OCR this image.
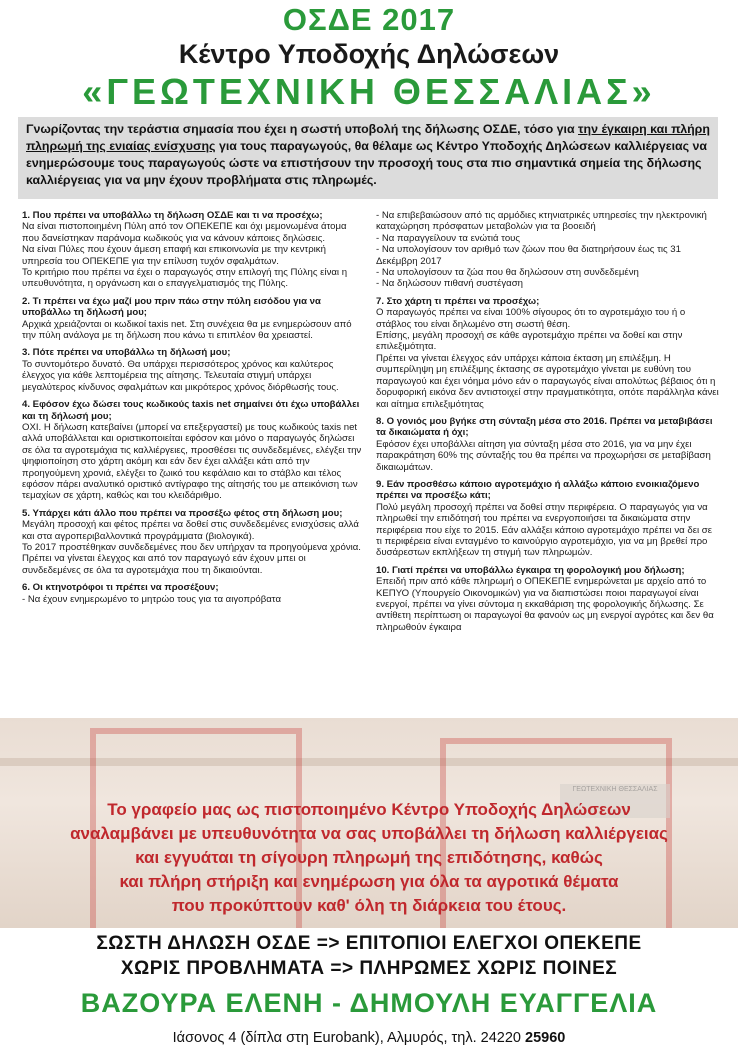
ΟΣΔΕ 2017
Κέντρο Υποδοχής Δηλώσεων
«ΓΕΩΤΕΧΝΙΚΗ ΘΕΣΣΑΛΙΑΣ»
Γνωρίζοντας την τεράστια σημασία που έχει η σωστή υποβολή της δήλωσης ΟΣΔΕ, τόσο για την έγκαιρη και πλήρη πληρωμή της ενιαίας ενίσχυσης για τους παραγωγούς, θα θέλαμε ως Κέντρο Υποδοχής Δηλώσεων καλλιέργειας να ενημερώσουμε τους παραγωγούς ώστε να επιστήσουν την προσοχή τους στα πιο σημαντικά σημεία της δήλωσης καλλιέργειας για να μην έχουν προβλήματα στις πληρωμές.
1. Που πρέπει να υποβάλλω τη δήλωση ΟΣΔΕ και τι να προσέχω;

Να είναι πιστοποιημένη Πύλη από τον ΟΠΕΚΕΠΕ και όχι μεμονωμένα άτομα που δανείστηκαν παράνομα κωδικούς για να κάνουν κάποιες δηλώσεις.

Να είναι Πύλες που έχουν άμεση επαφή και επικοινωνία με την κεντρική υπηρεσία του ΟΠΕΚΕΠΕ για την επίλυση τυχόν σφαλμάτων.

Το κριτήριο που πρέπει να έχει ο παραγωγός στην επιλογή της Πύλης είναι η υπευθυνότητα, η οργάνωση και ο επαγγελματισμός της Πύλης.

2. Τι πρέπει να έχω μαζί μου πριν πάω στην πύλη εισόδου για να υποβάλλω τη δήλωσή μου;

Αρχικά χρειάζονται οι κωδικοί taxis net. Στη συνέχεια θα με ενημερώσουν από την πύλη ανάλογα με τη δήλωση που κάνω τι επιπλέον θα χρειαστεί.

3. Πότε πρέπει να υποβάλλω τη δήλωσή μου;

Το συντομότερο δυνατό. Θα υπάρχει περισσότερος χρόνος και καλύτερος έλεγχος για κάθε λεπτομέρεια της αίτησης. Τελευταία στιγμή υπάρχει μεγαλύτερος κίνδυνος σφαλμάτων και μικρότερος χρόνος διόρθωσής τους.

4. Εφόσον έχω δώσει τους κωδικούς taxis net σημαίνει ότι έχω υποβάλλει και τη δήλωσή μου;

ΟΧΙ. Η δήλωση κατεβαίνει (μπορεί να επεξεργαστεί) με τους κωδικούς taxis net αλλά υποβάλλεται και οριστικοποιείται εφόσον και μόνο ο παραγωγός δηλώσει σε όλα τα αγροτεμάχια τις καλλιέργειες, προσθέσει τις συνδεδεμένες, ελέγξει την ψηφιοποίηση στο χάρτη ακόμη και εάν δεν έχει αλλάξει κάτι από την προηγούμενη χρονιά, ελέγξει το ζωικό του κεφάλαιο και το στάβλο και τέλος εφόσον πάρει αναλυτικό οριστικό αντίγραφο της αίτησής του με απεικόνιση των τεμαχίων σε χάρτη, καθώς και του κλειδάριθμο.

5. Υπάρχει κάτι άλλο που πρέπει να προσέξω φέτος στη δήλωση μου;

Μεγάλη προσοχή και φέτος πρέπει να δοθεί στις συνδεδεμένες ενισχύσεις αλλά και στα αγροπεριβαλλοντικά προγράμματα (βιολογικά).

Το 2017 προστέθηκαν συνδεδεμένες που δεν υπήρχαν τα προηγούμενα χρόνια.

Πρέπει να γίνεται έλεγχος και από τον παραγωγό εάν έχουν μπει οι συνδεδεμένες σε όλα τα αγροτεμάχια που τη δικαιούνται.

6. Οι κτηνοτρόφοι τι πρέπει να προσέξουν;

- Να έχουν ενημερωμένο το μητρώο τους για τα αιγοπρόβατα

- Να επιβεβαιώσουν από τις αρμόδιες κτηνιατρικές υπηρεσίες την ηλεκτρονική καταχώρηση πρόσφατων μεταβολών για τα βοοειδή

- Να παραγγείλουν τα ενώτιά τους

- Να υπολογίσουν τον αριθμό των ζώων που θα διατηρήσουν έως τις 31 Δεκέμβρη 2017

- Να υπολογίσουν τα ζώα που θα δηλώσουν στη συνδεδεμένη

- Να δηλώσουν πιθανή συστέγαση

7. Στο χάρτη τι πρέπει να προσέχω;

Ο παραγωγός πρέπει να είναι 100% σίγουρος ότι το αγροτεμάχιο του ή ο στάβλος του είναι δηλωμένο στη σωστή θέση.

Επίσης, μεγάλη προσοχή σε κάθε αγροτεμάχιο πρέπει να δοθεί και στην επιλεξιμότητα.

Πρέπει να γίνεται έλεγχος εάν υπάρχει κάποια έκταση μη επιλέξιμη. Η συμπερίληψη μη επιλέξιμης έκτασης σε αγροτεμάχιο γίνεται με ευθύνη του παραγωγού και έχει νόημα μόνο εάν ο παραγωγός είναι απολύτως βέβαιος ότι η δορυφορική εικόνα δεν αντιστοιχεί στην πραγματικότητα, οπότε παράλληλα κάνει και αίτημα επιλεξιμότητας

8. Ο γονιός μου βγήκε στη σύνταξη μέσα στο 2016. Πρέπει να μεταβιβάσει τα δικαιώματα ή όχι;

Εφόσον έχει υποβάλλει αίτηση για σύνταξη μέσα στο 2016, για να μην έχει παρακράτηση 60% της σύνταξής του θα πρέπει να προχωρήσει σε μεταβίβαση δικαιωμάτων.

9. Εάν προσθέσω κάποιο αγροτεμάχιο ή αλλάξω κάποιο ενοικιαζόμενο πρέπει να προσέξω κάτι;

Πολύ μεγάλη προσοχή πρέπει να δοθεί στην περιφέρεια. Ο παραγωγός για να πληρωθεί την επιδότησή του πρέπει να ενεργοποιήσει τα δικαιώματα στην περιφέρεια που είχε το 2015. Εάν αλλάξει κάποιο αγροτεμάχιο πρέπει να δει σε τι περιφέρεια είναι ενταγμένο το καινούργιο αγροτεμάχιο, για να μη βρεθεί προ δυσάρεστων εκπλήξεων τη στιγμή των πληρωμών.

10. Γιατί πρέπει να υποβάλλω έγκαιρα τη φορολογική μου δήλωση;

Επειδή πριν από κάθε πληρωμή ο ΟΠΕΚΕΠΕ ενημερώνεται με αρχείο από το ΚΕΠΥΟ (Υπουργείο Οικονομικών) για να διαπιστώσει ποιοι παραγωγοί είναι ενεργοί, πρέπει να γίνει σύντομα η εκκαθάριση της φορολογικής δήλωσης. Σε αντίθετη περίπτωση οι παραγωγοί θα φανούν ως μη ενεργοί αγρότες και δεν θα πληρωθούν έγκαιρα

ΓΕΩΤΕΧΝΙΚΗ ΘΕΣΣΑΛΙΑΣ
Το γραφείο μας ως πιστοποιημένο Κέντρο Υποδοχής Δηλώσεων
αναλαμβάνει με υπευθυνότητα να σας υποβάλλει τη δήλωση καλλιέργειας
και εγγυάται τη σίγουρη πληρωμή της επιδότησης, καθώς
και πλήρη στήριξη και ενημέρωση για όλα τα αγροτικά θέματα
που προκύπτουν καθ' όλη τη διάρκεια του έτους.
ΣΩΣΤΗ ΔΗΛΩΣΗ ΟΣΔΕ => ΕΠΙΤΟΠΙΟΙ ΕΛΕΓΧΟΙ ΟΠΕΚΕΠΕ
ΧΩΡΙΣ ΠΡΟΒΛΗΜΑΤΑ => ΠΛΗΡΩΜΕΣ ΧΩΡΙΣ ΠΟΙΝΕΣ
ΒΑΖΟΥΡΑ ΕΛΕΝΗ - ΔΗΜΟΥΛΗ ΕΥΑΓΓΕΛΙΑ
Ιάσονος 4 (δίπλα στη Eurobank), Αλμυρός, τηλ. 24220 25960
